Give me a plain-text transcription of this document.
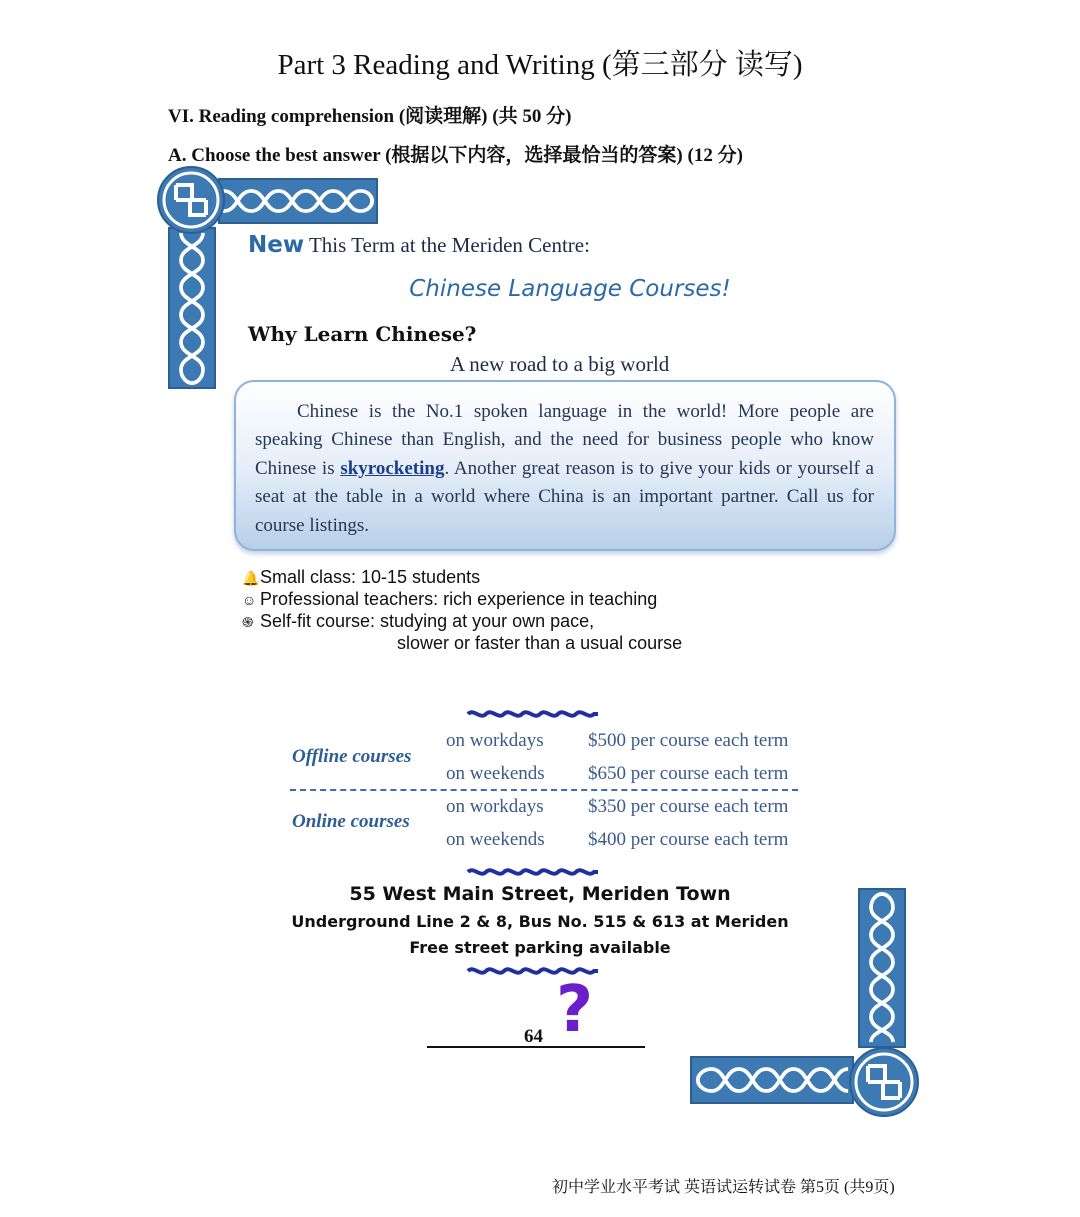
Part 3 Reading and Writing (第三部分 读写)
VI. Reading comprehension (阅读理解) (共 50 分)
A. Choose the best answer (根据以下内容，选择最恰当的答案) (12 分)
New This Term at the Meriden Centre:
Chinese Language Courses!
Why Learn Chinese?
A new road to a big world

Chinese is the No.1 spoken language in the world! More people are speaking Chinese than English, and the need for business people who know Chinese is skyrocketing. Another great reason is to give your kids or yourself a seat at the table in a world where China is an important partner. Call us for course listings.

🔔Small class: 10-15 students
☺ Professional teachers: rich experience in teaching
֍ Self-fit course: studying at your own pace,
slower or faster than a usual course
Offline courses
on workdays $500 per course each term
on weekends $650 per course each term
Online courses
on workdays $350 per course each term
on weekends $400 per course each term
55 West Main Street, Meriden Town
Underground Line 2 & 8, Bus No. 515 & 613 at Meriden
Free street parking available
?
64
初中学业水平考试 英语试运转试卷 第5页 (共9页)
